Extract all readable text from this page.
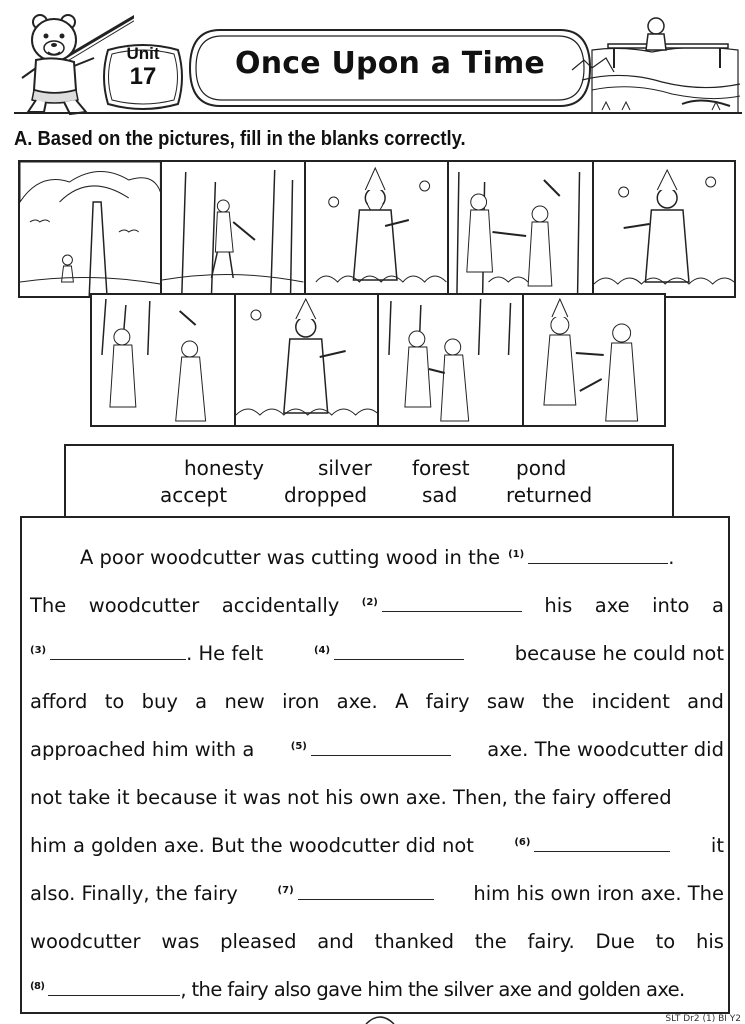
Unit
17	Once Upon a Time
A. Based on the pictures, fill in the blanks correctly.
honesty	silver forest pond
accept	dropped	sad returned
A poor woodcutter was cutting wood in the $^{(1)}$	.
The woodcutter accidentally $^{(2)}$	his axe into a
$^{(3)}$	. He felt	$^{(4)}$	because he could not
afford to buy a new iron axe. A fairy saw the incident and
approached him with a	$^{(5)}$	axe. The woodcutter did
not take it because it was not his own axe. Then, the fairy offered
him a golden axe. But the woodcutter did not	$^{(6)}$	it
also. Finally, the fairy	$^{(7)}$	him his own iron axe. The
woodcutter was pleased and thanked the fairy. Due to his
$^{(8)}$	, the fairy also gave him the silver axe and golden axe.
SLT Dr2 (1) BI Y2
